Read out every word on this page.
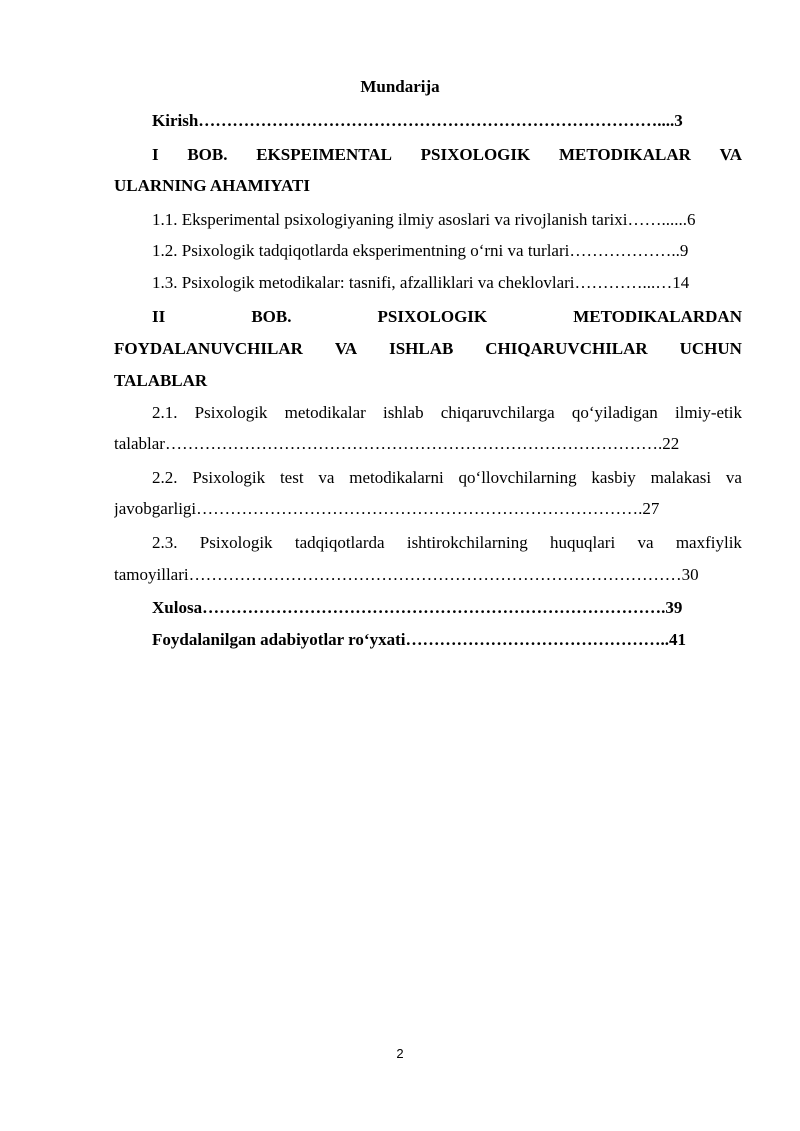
Mundarija
Kirish………………………………………………………………………....3
I BOB. EKSPEIMENTAL PSIXOLOGIK METODIKALAR VA
ULARNING AHAMIYATI
1.1. Eksperimental psixologiyaning ilmiy asoslari va rivojlanish tarixi……......6
1.2. Psixologik tadqiqotlarda eksperimentning o‘rni va turlari………………..9
1.3. Psixologik metodikalar: tasnifi, afzalliklari va cheklovlari…………...…14
II	BOB.	PSIXOLOGIK	METODIKALARDAN
FOYDALANUVCHILAR VA ISHLAB CHIQARUVCHILAR UCHUN
TALABLAR
2.1. Psixologik metodikalar ishlab chiqaruvchilarga qo‘yiladigan ilmiy-etik
talablar…………………………………………………………………………….22
2.2. Psixologik test va metodikalarni qo‘llovchilarning kasbiy malakasi va
javobgarligi…………………………………………………………………….27
2.3. Psixologik tadqiqotlarda ishtirokchilarning huquqlari va maxfiylik
tamoyillari……………………………………………………………………………30
Xulosa……………………………………………………………………….39
Foydalanilgan adabiyotlar ro‘yxati………………………………………..41
2
